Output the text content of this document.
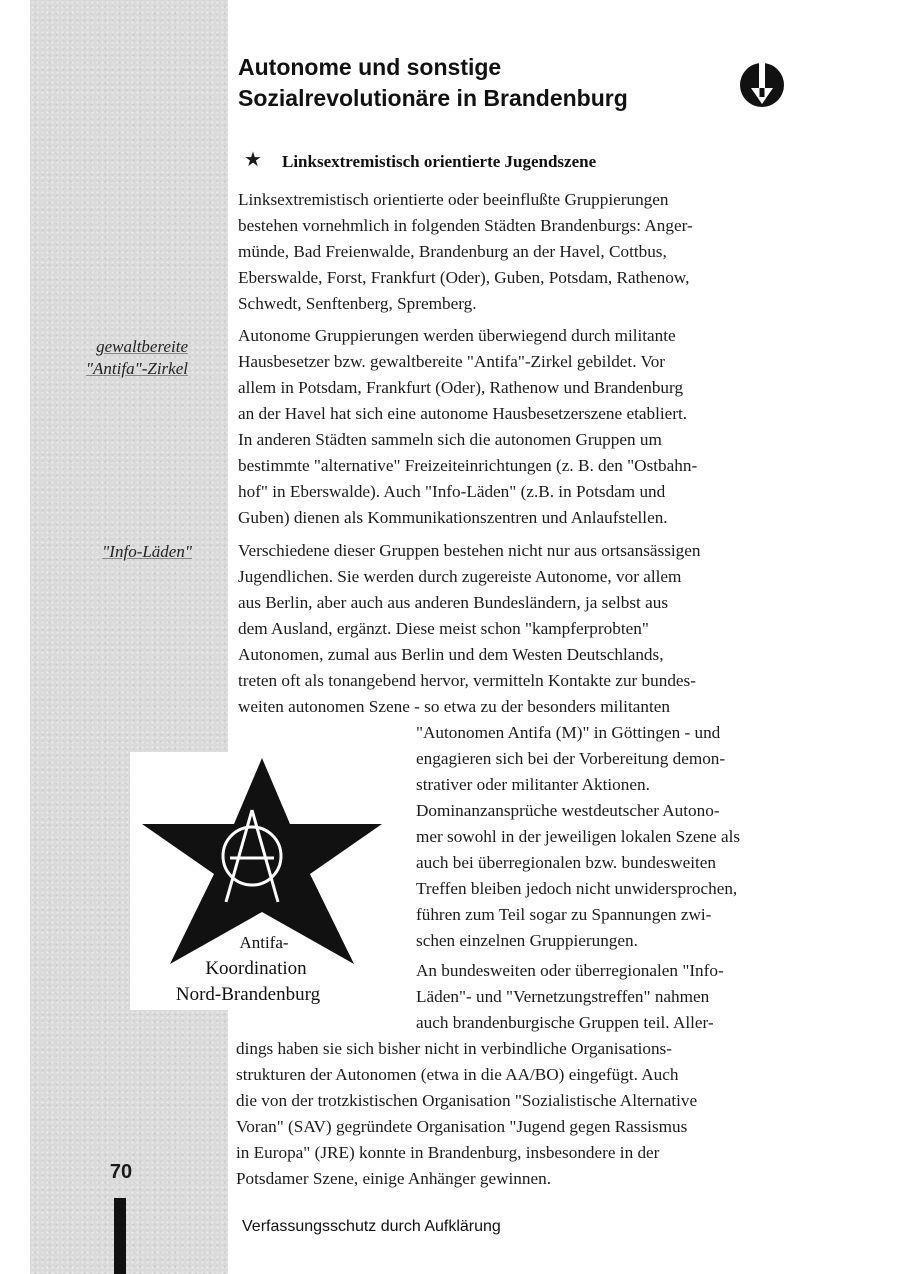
gewaltbereite
"Antifa"-Zirkel
"Info-Läden"
70
Autonome und sonstige
Sozialrevolutionäre in Brandenburg
★ Linksextremistisch orientierte Jugendszene
Linksextremistisch orientierte oder beeinflußte Gruppierungen
bestehen vornehmlich in folgenden Städten Brandenburgs: Anger-
münde, Bad Freienwalde, Brandenburg an der Havel, Cottbus,
Eberswalde, Forst, Frankfurt (Oder), Guben, Potsdam, Rathenow,
Schwedt, Senftenberg, Spremberg.
Autonome Gruppierungen werden überwiegend durch militante
Hausbesetzer bzw. gewaltbereite "Antifa"-Zirkel gebildet. Vor
allem in Potsdam, Frankfurt (Oder), Rathenow und Brandenburg
an der Havel hat sich eine autonome Hausbesetzerszene etabliert.
In anderen Städten sammeln sich die autonomen Gruppen um
bestimmte "alternative" Freizeiteinrichtungen (z. B. den "Ostbahn-
hof" in Eberswalde). Auch "Info-Läden" (z.B. in Potsdam und
Guben) dienen als Kommunikationszentren und Anlaufstellen.
Verschiedene dieser Gruppen bestehen nicht nur aus ortsansässigen
Jugendlichen. Sie werden durch zugereiste Autonome, vor allem
aus Berlin, aber auch aus anderen Bundesländern, ja selbst aus
dem Ausland, ergänzt. Diese meist schon "kampferprobten"
Autonomen, zumal aus Berlin und dem Westen Deutschlands,
treten oft als tonangebend hervor, vermitteln Kontakte zur bundes-
weiten autonomen Szene - so etwa zu der besonders militanten
"Autonomen Antifa (M)" in Göttingen - und
engagieren sich bei der Vorbereitung demon-
strativer oder militanter Aktionen.
Dominanzansprüche westdeutscher Autono-
mer sowohl in der jeweiligen lokalen Szene als
auch bei überregionalen bzw. bundesweiten
Treffen bleiben jedoch nicht unwidersprochen,
führen zum Teil sogar zu Spannungen zwi-
schen einzelnen Gruppierungen.
An bundesweiten oder überregionalen "Info-
Läden"- und "Vernetzungstreffen" nahmen
auch brandenburgische Gruppen teil. Aller-
dings haben sie sich bisher nicht in verbindliche Organisations-
strukturen der Autonomen (etwa in die AA/BO) eingefügt. Auch
die von der trotzkistischen Organisation "Sozialistische Alternative
Voran" (SAV) gegründete Organisation "Jugend gegen Rassismus
in Europa" (JRE) konnte in Brandenburg, insbesondere in der
Potsdamer Szene, einige Anhänger gewinnen.
Antifa-
Koordination
Nord-Brandenburg
Verfassungsschutz durch Aufklärung
